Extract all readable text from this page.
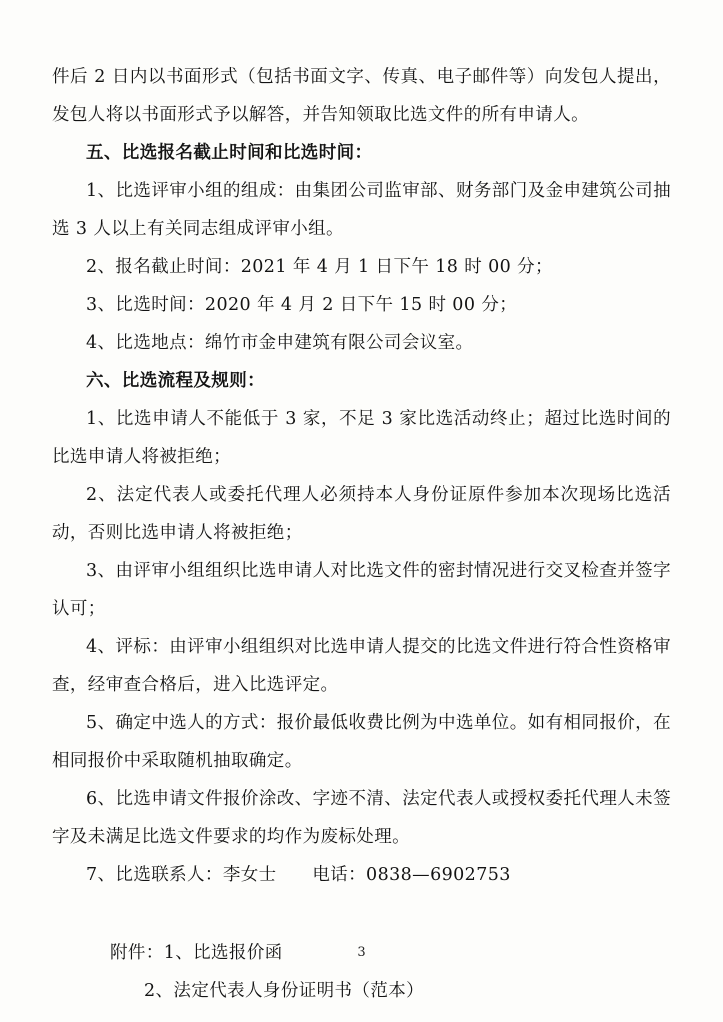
件后 2 日内以书面形式（包括书面文字、传真、电子邮件等）向发包人提出，发包人将以书面形式予以解答，并告知领取比选文件的所有申请人。

五、比选报名截止时间和比选时间：

1、比选评审小组的组成：由集团公司监审部、财务部门及金申建筑公司抽选 3 人以上有关同志组成评审小组。

2、报名截止时间：2021 年 4 月 1 日下午 18 时 00 分；

3、比选时间：2020 年 4 月 2 日下午 15 时 00 分；

4、比选地点：绵竹市金申建筑有限公司会议室。

六、比选流程及规则：

1、比选申请人不能低于 3 家，不足 3 家比选活动终止；超过比选时间的比选申请人将被拒绝；

2、法定代表人或委托代理人必须持本人身份证原件参加本次现场比选活动，否则比选申请人将被拒绝；

3、由评审小组组织比选申请人对比选文件的密封情况进行交叉检查并签字认可；

4、评标：由评审小组组织对比选申请人提交的比选文件进行符合性资格审查，经审查合格后，进入比选评定。

5、确定中选人的方式：报价最低收费比例为中选单位。如有相同报价，在相同报价中采取随机抽取确定。

6、比选申请文件报价涂改、字迹不清、法定代表人或授权委托代理人未签字及未满足比选文件要求的均作为废标处理。

7、比选联系人：李女士　　电话：0838—6902753

附件：1、比选报价函

2、法定代表人身份证明书（范本）

3
